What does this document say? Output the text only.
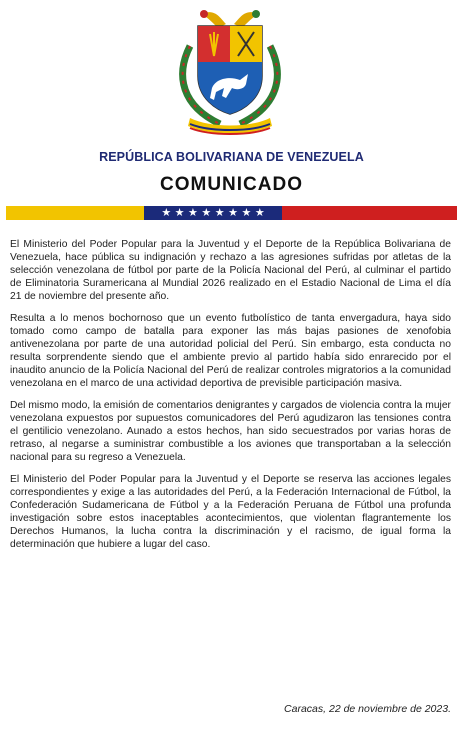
REPÚBLICA BOLIVARIANA DE VENEZUELA
COMUNICADO
★ ★ ★ ★ ★ ★ ★ ★

El Ministerio del Poder Popular para la Juventud y el Deporte de la República Bolivariana de Venezuela, hace pública su indignación y rechazo a las agresiones sufridas por atletas de la selección venezolana de fútbol por parte de la Policía Nacional del Perú, al culminar el partido de Eliminatoria Suramericana al Mundial 2026 realizado en el Estadio Nacional de Lima el día 21 de noviembre del presente año.

Resulta a lo menos bochornoso que un evento futbolístico de tanta envergadura, haya sido tomado como campo de batalla para exponer las más bajas pasiones de xenofobia antivenezolana por parte de una autoridad policial del Perú. Sin embargo, esta conducta no resulta sorprendente siendo que el ambiente previo al partido había sido enrarecido por el inaudito anuncio de la Policía Nacional del Perú de realizar controles migratorios a la comunidad venezolana en el marco de una actividad deportiva de previsible participación masiva.

Del mismo modo, la emisión de comentarios denigrantes y cargados de violencia contra la mujer venezolana expuestos por supuestos comunicadores del Perú agudizaron las tensiones contra el gentilicio venezolano. Aunado a estos hechos, han sido secuestrados por varias horas de retraso, al negarse a suministrar combustible a los aviones que transportaban a la selección nacional para su regreso a Venezuela.

El Ministerio del Poder Popular para la Juventud y el Deporte se reserva las acciones legales correspondientes y exige a las autoridades del Perú, a la Federación Internacional de Fútbol, la Confederación Sudamericana de Fútbol y a la Federación Peruana de Fútbol una profunda investigación sobre estos inaceptables acontecimientos, que violentan flagrantemente los Derechos Humanos, la lucha contra la discriminación y el racismo, de igual forma la determinación que hubiere a lugar del caso.

Caracas, 22 de noviembre de 2023.
